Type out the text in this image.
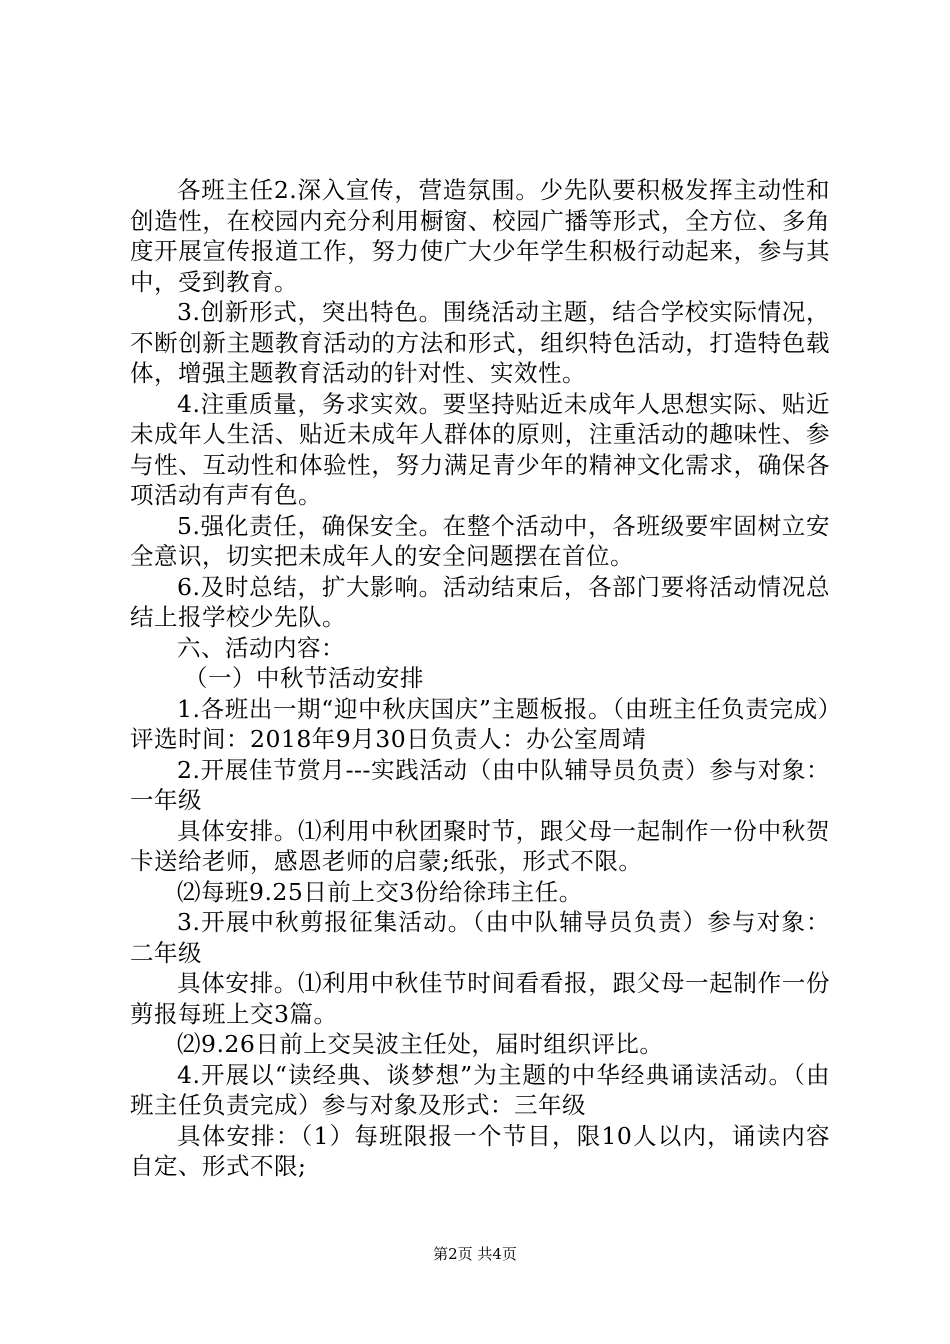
各班主任2.深入宣传，营造氛围。少先队要积极发挥主动性和创造性，在校园内充分利用橱窗、校园广播等形式，全方位、多角度开展宣传报道工作，努力使广大少年学生积极行动起来，参与其中，受到教育。

3.创新形式，突出特色。围绕活动主题，结合学校实际情况，不断创新主题教育活动的方法和形式，组织特色活动，打造特色载体，增强主题教育活动的针对性、实效性。

4.注重质量，务求实效。要坚持贴近未成年人思想实际、贴近未成年人生活、贴近未成年人群体的原则，注重活动的趣味性、参与性、互动性和体验性，努力满足青少年的精神文化需求，确保各项活动有声有色。

5.强化责任，确保安全。在整个活动中，各班级要牢固树立安全意识，切实把未成年人的安全问题摆在首位。

6.及时总结，扩大影响。活动结束后，各部门要将活动情况总结上报学校少先队。

六、活动内容：

（一）中秋节活动安排

1.各班出一期“迎中秋庆国庆”主题板报。（由班主任负责完成）评选时间：2018年9月30日负责人：办公室周靖

2.开展佳节赏月---实践活动（由中队辅导员负责）参与对象：一年级

具体安排。⑴利用中秋团聚时节，跟父母一起制作一份中秋贺卡送给老师，感恩老师的启蒙;纸张，形式不限。

⑵每班9.25日前上交3份给徐玮主任。

3.开展中秋剪报征集活动。（由中队辅导员负责）参与对象：二年级

具体安排。⑴利用中秋佳节时间看看报，跟父母一起制作一份剪报每班上交3篇。

⑵9.26日前上交吴波主任处，届时组织评比。

4.开展以“读经典、谈梦想”为主题的中华经典诵读活动。（由班主任负责完成）参与对象及形式：三年级

具体安排：（1）每班限报一个节目，限10人以内，诵读内容自定、形式不限;

第2页 共4页
